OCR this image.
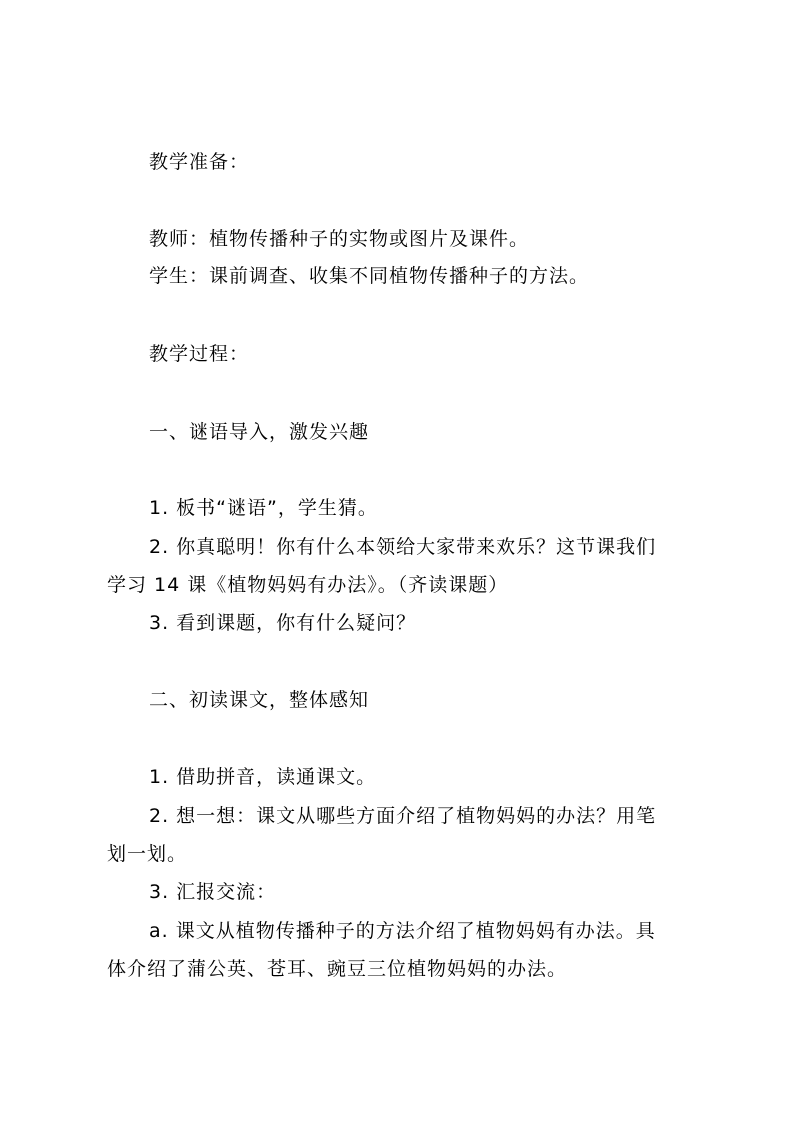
教学准备：
教师：植物传播种子的实物或图片及课件。
学生：课前调查、收集不同植物传播种子的方法。
教学过程：
一、谜语导入，激发兴趣
1. 板书“谜语”，学生猜。
2. 你真聪明！你有什么本领给大家带来欢乐？这节课我们
学习 14 课《植物妈妈有办法》。（齐读课题）
3. 看到课题，你有什么疑问？
二、初读课文，整体感知
1. 借助拼音，读通课文。
2. 想一想：课文从哪些方面介绍了植物妈妈的办法？用笔
划一划。
3. 汇报交流：
a. 课文从植物传播种子的方法介绍了植物妈妈有办法。具
体介绍了蒲公英、苍耳、豌豆三位植物妈妈的办法。
